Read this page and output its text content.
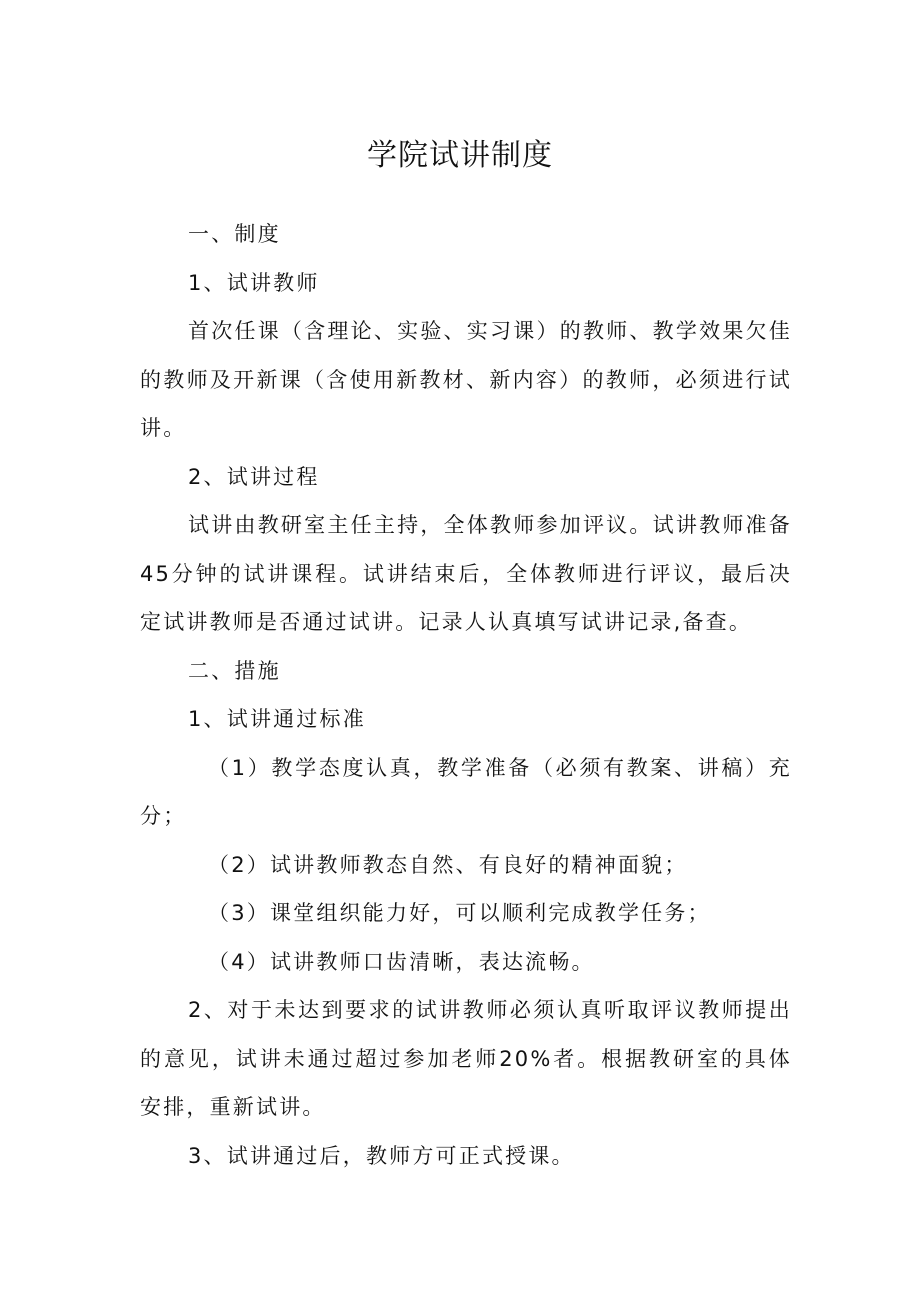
学院试讲制度

一、制度

1、试讲教师

首次任课（含理论、实验、实习课）的教师、教学效果欠佳的教师及开新课（含使用新教材、新内容）的教师，必须进行试讲。

2、试讲过程

试讲由教研室主任主持，全体教师参加评议。试讲教师准备45分钟的试讲课程。试讲结束后，全体教师进行评议，最后决定试讲教师是否通过试讲。记录人认真填写试讲记录,备查。

二、措施

1、试讲通过标准

（1）教学态度认真，教学准备（必须有教案、讲稿）充分；

（2）试讲教师教态自然、有良好的精神面貌；

（3）课堂组织能力好，可以顺利完成教学任务；

（4）试讲教师口齿清晰，表达流畅。

2、对于未达到要求的试讲教师必须认真听取评议教师提出的意见，试讲未通过超过参加老师20%者。根据教研室的具体安排，重新试讲。

3、试讲通过后，教师方可正式授课。
